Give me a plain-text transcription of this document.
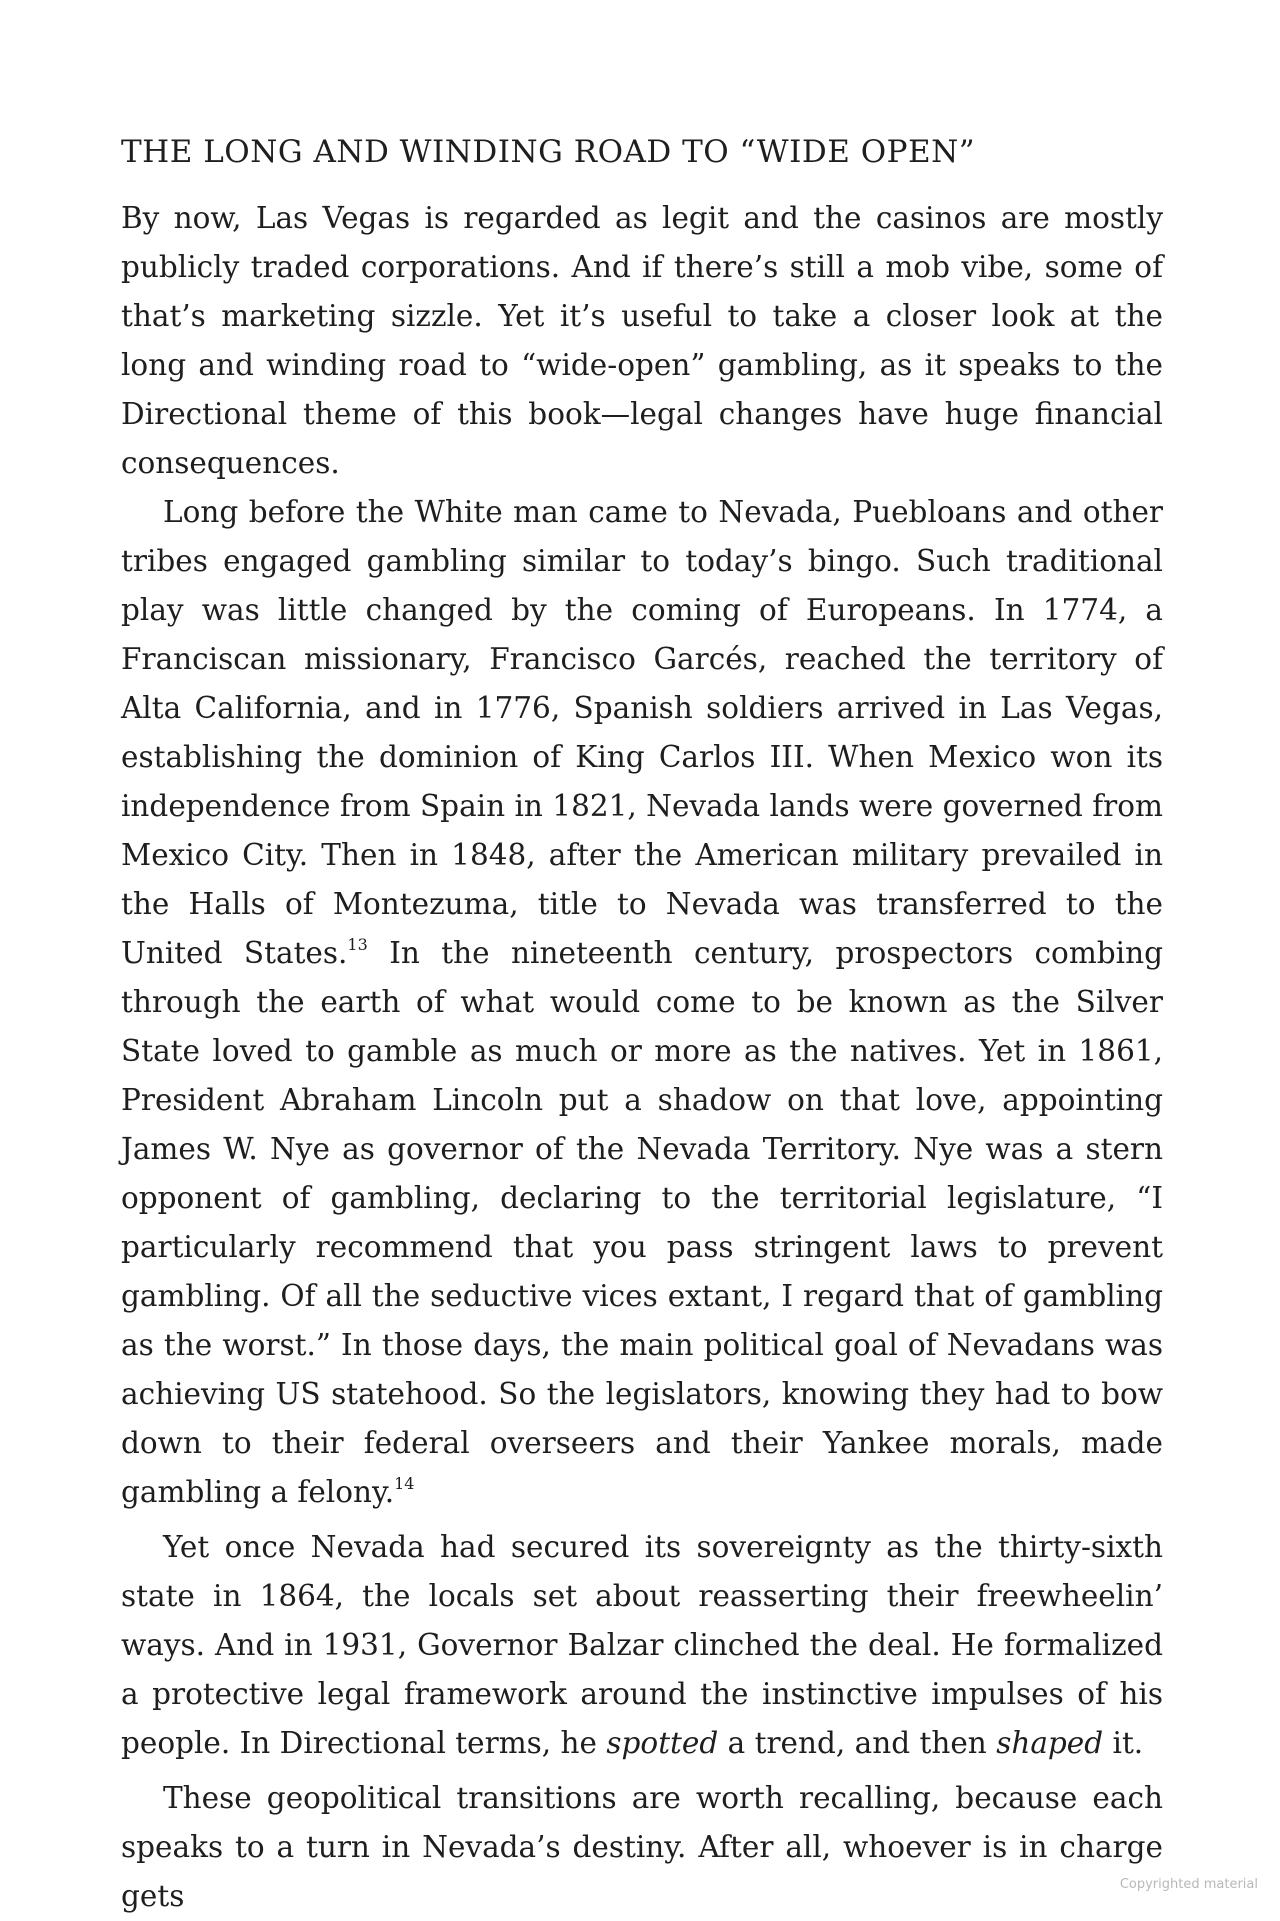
THE LONG AND WINDING ROAD TO “WIDE OPEN”

By now, Las Vegas is regarded as legit and the casinos are mostly publicly traded corporations. And if there’s still a mob vibe, some of that’s marketing sizzle. Yet it’s useful to take a closer look at the long and winding road to “wide-open” gambling, as it speaks to the Directional theme of this book—legal changes have huge financial consequences.

Long before the White man came to Nevada, Puebloans and other tribes engaged gambling similar to today’s bingo. Such traditional play was little changed by the coming of Europeans. In 1774, a Franciscan missionary, Francisco Garcés, reached the territory of Alta California, and in 1776, Spanish soldiers arrived in Las Vegas, establishing the dominion of King Carlos III. When Mexico won its independence from Spain in 1821, Nevada lands were governed from Mexico City. Then in 1848, after the American military prevailed in the Halls of Montezuma, title to Nevada was transferred to the United States.$^{13}$ In the nineteenth century, prospectors combing through the earth of what would come to be known as the Silver State loved to gamble as much or more as the natives. Yet in 1861, President Abraham Lincoln put a shadow on that love, appointing James W. Nye as governor of the Nevada Territory. Nye was a stern opponent of gambling, declaring to the territorial legislature, “I particularly recommend that you pass stringent laws to prevent gambling. Of all the seductive vices extant, I regard that of gambling as the worst.” In those days, the main political goal of Nevadans was achieving US statehood. So the legislators, knowing they had to bow down to their federal overseers and their Yankee morals, made gambling a felony.$^{14}$

Yet once Nevada had secured its sovereignty as the thirty-sixth state in 1864, the locals set about reasserting their freewheelin’ ways. And in 1931, Governor Balzar clinched the deal. He formalized a protective legal framework around the instinctive impulses of his people. In Directional terms, he spotted a trend, and then shaped it.

These geopolitical transitions are worth recalling, because each speaks to a turn in Nevada’s destiny. After all, whoever is in charge gets	Copyrighted material
